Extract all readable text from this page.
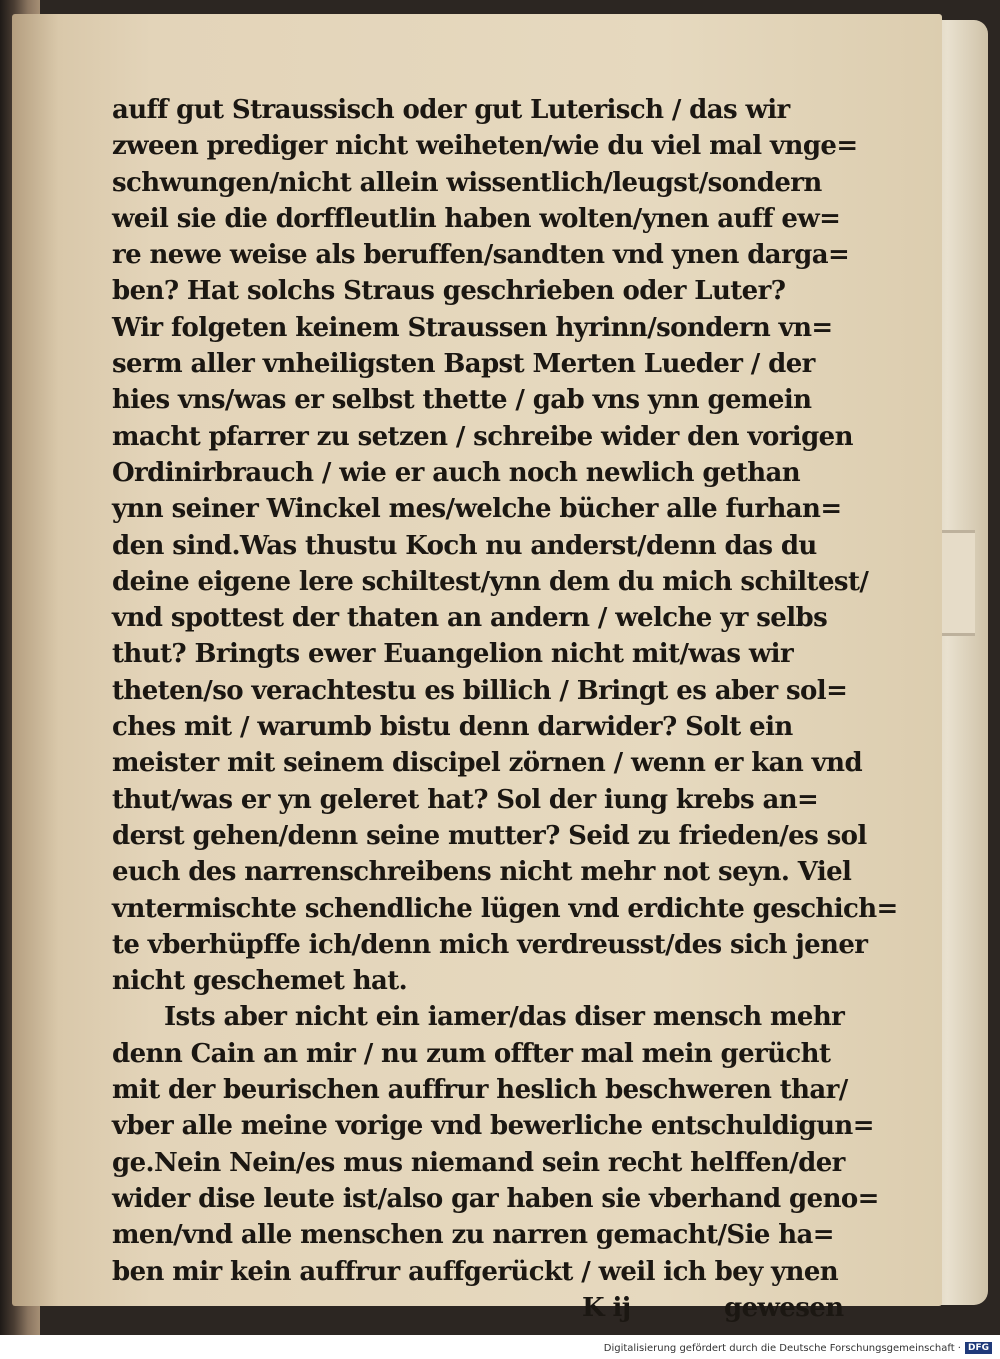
auff gut Straussisch oder gut Luterisch / das wir
zween prediger nicht weiheten/wie du viel mal vnge=
schwungen/nicht allein wissentlich/leugst/sondern
weil sie die dorffleutlin haben wolten/ynen auff ew=
re newe weise als beruffen/sandten vnd ynen darga=
ben? Hat solchs Straus geschrieben oder Luter?
Wir folgeten keinem Straussen hyrinn/sondern vn=
serm aller vnheiligsten Bapst Merten Lueder / der
hies vns/was er selbst thette / gab vns ynn gemein
macht pfarrer zu setzen / schreibe wider den vorigen
Ordinirbrauch / wie er auch noch newlich gethan
ynn seiner Winckel mes/welche bücher alle furhan=
den sind.Was thustu Koch nu anderst/denn das du
deine eigene lere schiltest/ynn dem du mich schiltest/
vnd spottest der thaten an andern / welche yr selbs
thut? Bringts ewer Euangelion nicht mit/was wir
theten/so verachtestu es billich / Bringt es aber sol=
ches mit / warumb bistu denn darwider? Solt ein
meister mit seinem discipel zörnen / wenn er kan vnd
thut/was er yn geleret hat? Sol der iung krebs an=
derst gehen/denn seine mutter? Seid zu frieden/es sol
euch des narrenschreibens nicht mehr not seyn. Viel
vntermischte schendliche lügen vnd erdichte geschich=
te vberhüpffe ich/denn mich verdreusst/des sich jener
nicht geschemet hat.
Ists aber nicht ein iamer/das diser mensch mehr
denn Cain an mir / nu zum offter mal mein gerücht
mit der beurischen auffrur heslich beschweren thar/
vber alle meine vorige vnd bewerliche entschuldigun=
ge.Nein Nein/es mus niemand sein recht helffen/der
wider dise leute ist/also gar haben sie vberhand geno=
men/vnd alle menschen zu narren gemacht/Sie ha=
ben mir kein auffrur auffgerückt / weil ich bey ynen
K ij	gewesen
Digitalisierung gefördert durch die Deutsche Forschungsgemeinschaft · DFG
